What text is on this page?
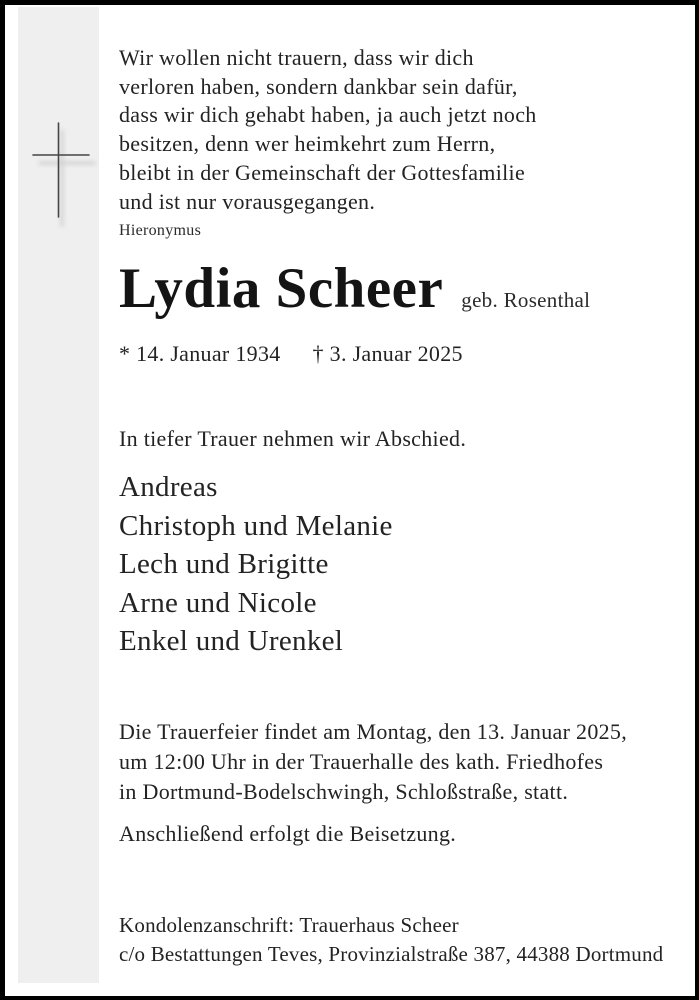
Wir wollen nicht trauern, dass wir dich
verloren haben, sondern dankbar sein dafür,
dass wir dich gehabt haben, ja auch jetzt noch
besitzen, denn wer heimkehrt zum Herrn,
bleibt in der Gemeinschaft der Gottesfamilie
und ist nur vorausgegangen.
Hieronymus
Lydia Scheer geb. Rosenthal
* 14. Januar 1934 † 3. Januar 2025
In tiefer Trauer nehmen wir Abschied.
Andreas
Christoph und Melanie
Lech und Brigitte
Arne und Nicole
Enkel und Urenkel
Die Trauerfeier findet am Montag, den 13. Januar 2025,
um 12:00 Uhr in der Trauerhalle des kath. Friedhofes
in Dortmund-Bodelschwingh, Schloßstraße, statt.
Anschließend erfolgt die Beisetzung.
Kondolenzanschrift: Trauerhaus Scheer
c/o Bestattungen Teves, Provinzialstraße 387, 44388 Dortmund
